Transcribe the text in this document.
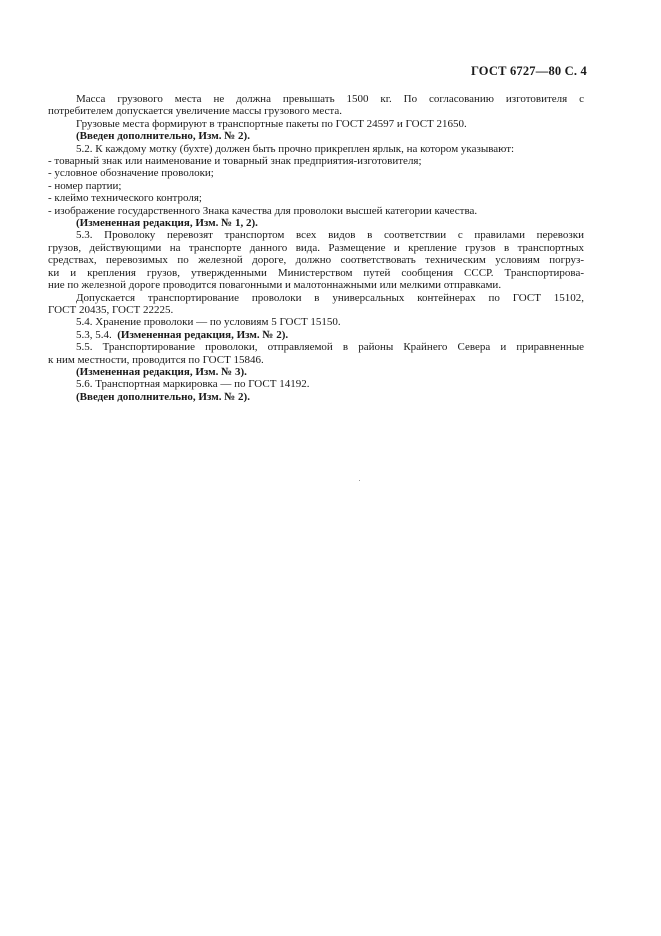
ГОСТ 6727—80 С. 4
Масса грузового места не должна превышать 1500 кг. По согласованию изготовителя с
потребителем допускается увеличение массы грузового места.
Грузовые места формируют в транспортные пакеты по ГОСТ 24597 и ГОСТ 21650.
(Введен дополнительно, Изм. № 2).
5.2. К каждому мотку (бухте) должен быть прочно прикреплен ярлык, на котором указывают:
- товарный знак или наименование и товарный знак предприятия-изготовителя;
- условное обозначение проволоки;
- номер партии;
- клеймо технического контроля;
- изображение государственного Знака качества для проволоки высшей категории качества.
(Измененная редакция, Изм. № 1, 2).
5.3. Проволоку перевозят транспортом всех видов в соответствии с правилами перевозки
грузов, действующими на транспорте данного вида. Размещение и крепление грузов в транспортных
средствах, перевозимых по железной дороге, должно соответствовать техническим условиям погруз-
ки и крепления грузов, утвержденными Министерством путей сообщения СССР. Транспортирова-
ние по железной дороге проводится повагонными и малотоннажными или мелкими отправками.
Допускается транспортирование проволоки в универсальных контейнерах по ГОСТ 15102,
ГОСТ 20435, ГОСТ 22225.
5.4. Хранение проволоки — по условиям 5 ГОСТ 15150.
5.3, 5.4. (Измененная редакция, Изм. № 2).
5.5. Транспортирование проволоки, отправляемой в районы Крайнего Севера и приравненные
к ним местности, проводится по ГОСТ 15846.
(Измененная редакция, Изм. № 3).
5.6. Транспортная маркировка — по ГОСТ 14192.
(Введен дополнительно, Изм. № 2).
